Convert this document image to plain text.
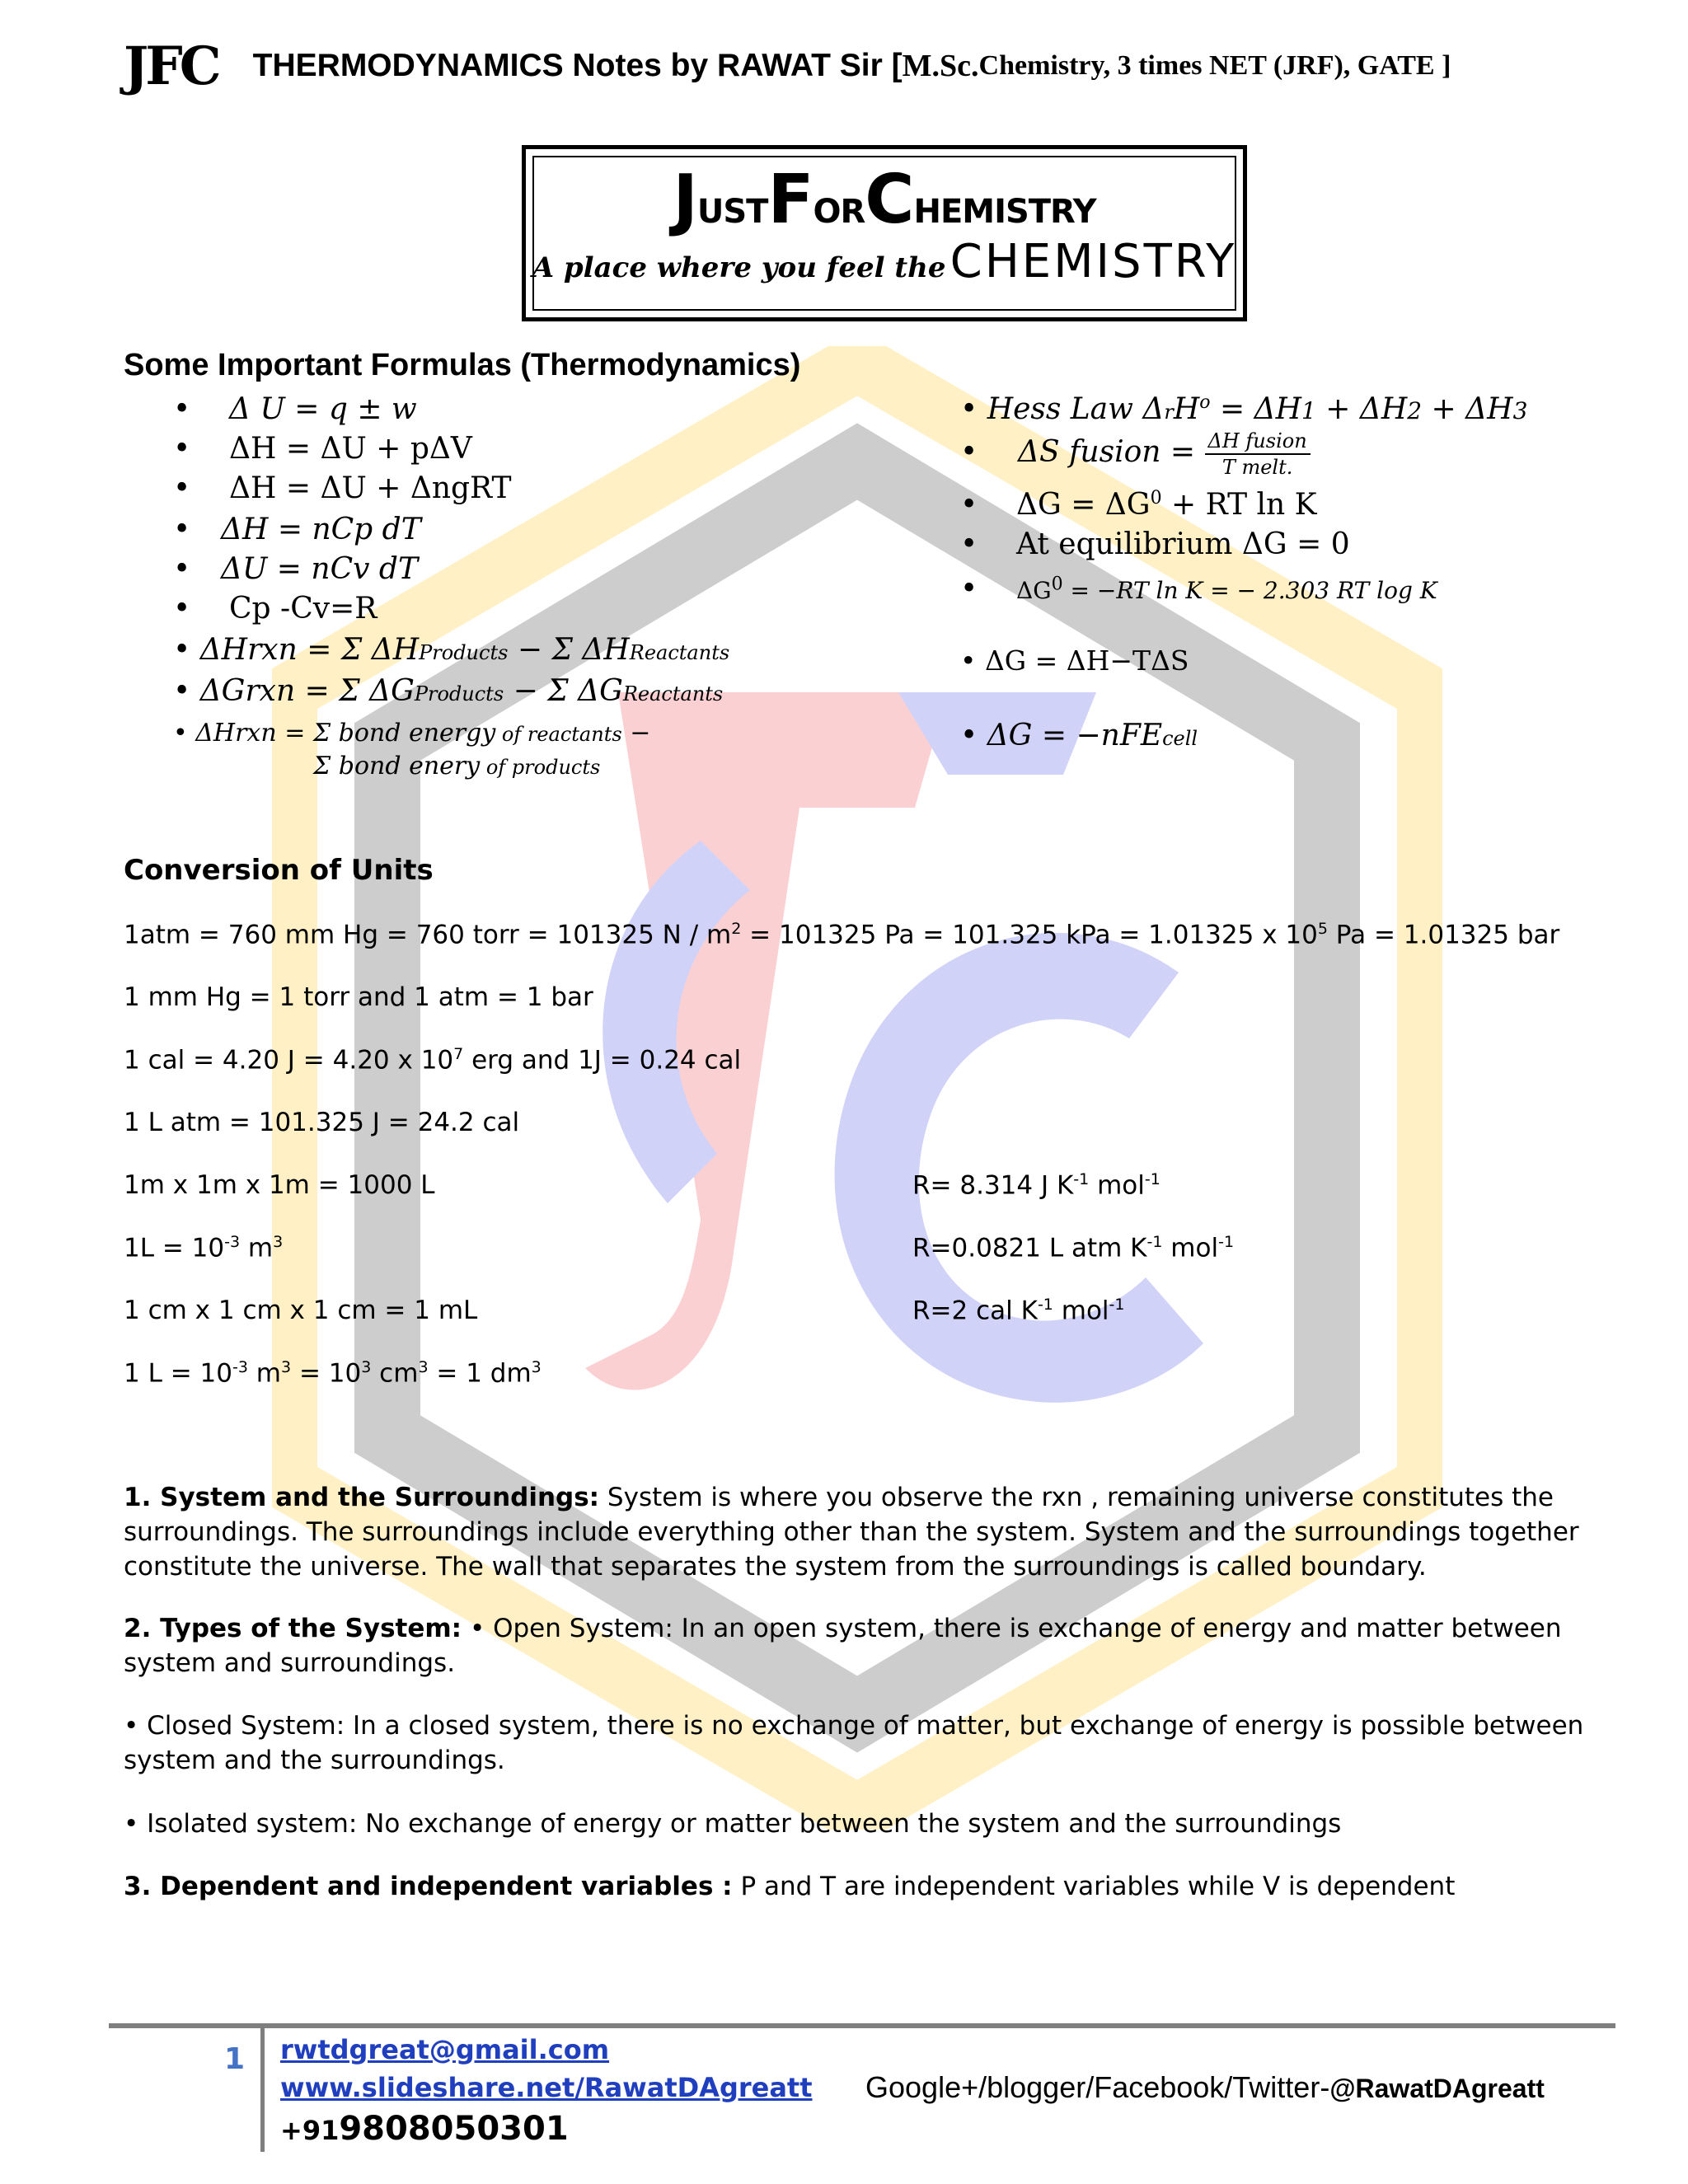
JFC THERMODYNAMICS Notes by RAWAT Sir [ M.Sc. Chemistry, 3 times NET (JRF), GATE ]
JUSTFORCHEMISTRY
A place where you feel the CHEMISTRY
Some Important Formulas (Thermodynamics)
• Δ U = q ± w
• ΔH = ΔU + pΔV
• ΔH = ΔU + ΔngRT
• ΔH = nCp dT
• ΔU = nCv dT
• Cp -Cv=R
• ΔHrxn = Σ ΔHProducts − Σ ΔHReactants
• ΔGrxn = Σ ΔGProducts − Σ ΔGReactants
• ΔHrxn = Σ bond energy of reactants −
Σ bond enery of products
• Hess Law ΔrH$^o$ = ΔH1 + ΔH2 + ΔH3
• ΔS fusion = $\frac{\text{ΔH fusion}}{\text{T melt.}}$
• $\Delta G = \Delta G^0$ + RT ln K
• At equilibrium ΔG = 0
• $\Delta G^0 = -RT$ ln K = − 2.303 RT log K
• ΔG = ΔH−TΔS
• ΔG = −nFEcell
Conversion of Units
1atm = 760 mm Hg = 760 torr = 101325 $N / m^2 = 101325$ Pa = 101.325 kPa = 1.01325 x $10^5$ Pa = 1.01325 bar
1 mm Hg = 1 torr and 1 atm = 1 bar
1 cal = 4.20 J = 4.20 x $10^7$ erg and 1J = 0.24 cal
1 L atm = 101.325 J = 24.2 cal
1m x 1m x 1m = 1000 L
$1L = 10^{-3}$ $m^3$
1 cm x 1 cm x 1 cm = 1 mL
1 $L = 10^{-3}$ $m^3 = 10^3$ $cm^3 = 1$ $dm^3$
R= 8.314 J $K^{-1}$ mol$^{-1}$
R=0.0821 L atm $K^{-1}$ mol$^{-1}$
R=2 cal $K^{-1}$ mol$^{-1}$
1. System and the Surroundings: System is where you observe the rxn , remaining universe constitutes the surroundings. The surroundings include everything other than the system. System and the surroundings together constitute the universe. The wall that separates the system from the surroundings is called boundary.
2. Types of the System: • Open System: In an open system, there is exchange of energy and matter between system and surroundings.
• Closed System: In a closed system, there is no exchange of matter, but exchange of energy is possible between system and the surroundings.
• Isolated system: No exchange of energy or matter between the system and the surroundings
3. Dependent and independent variables : P and T are independent variables while V is dependent
1 rwtdgreat@gmail.com
www.slideshare.net/RawatDAgreatt
+919808050301
Google+/blogger/Facebook/Twitter-@RawatDAgreatt
